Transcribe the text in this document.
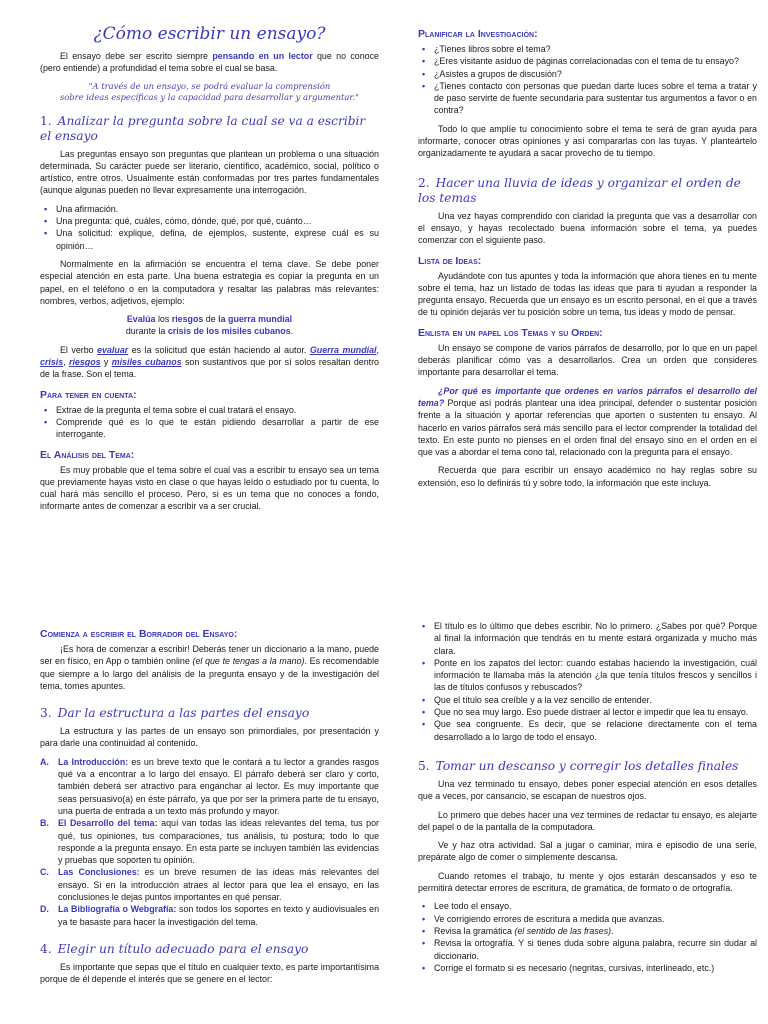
¿Cómo escribir un ensayo?

El ensayo debe ser escrito siempre pensando en un lector que no conoce (pero entiende) a profundidad el tema sobre el cual se basa.

"A través de un ensayo, se podrá evaluar la comprensión
sobre ideas específicas y la capacidad para desarrollar y argumentar."
1. Analizar la pregunta sobre la cual se va a escribir el ensayo

Las preguntas ensayo son preguntas que plantean un problema o una situación determinada. Su carácter puede ser literario, científico, académico, social, político o artístico, entre otros. Usualmente están conformadas por tres partes fundamentales (aunque algunas pueden no llevar expresamente una interrogación.

• Una afirmación.
• Una pregunta: qué, cuáles, cómo, dónde, qué, por qué, cuánto…
• Una solicitud: explique, defina, de ejemplos, sustente, exprese cuál es su opinión…

Normalmente en la afirmación se encuentra el tema clave. Se debe poner especial atención en esta parte. Una buena estrategia es copiar la pregunta en un papel, en el teléfono o en la computadora y resaltar las palabras más relevantes: nombres, verbos, adjetivos, ejemplo:

Evalúa los riesgos de la guerra mundial
durante la crisis de los misiles cubanos.

El verbo evaluar es la solicitud que están haciendo al autor. Guerra mundial, crisis, riesgos y misiles cubanos son sustantivos que por sí solos resaltan dentro de la frase. Son el tema.

Para tener en cuenta:
• Extrae de la pregunta el tema sobre el cual tratará el ensayo.
• Comprende qué es lo que te están pidiendo desarrollar a partir de ese interrogante.
El Análisis del Tema:

Es muy probable que el tema sobre el cual vas a escribir tu ensayo sea un tema que previamente hayas visto en clase o que hayas leído o estudiado por tu cuenta, lo cual hará más sencillo el proceso. Pero, si es un tema que no conoces a fondo, informarte antes de comenzar a escribir va a ser crucial.

Planificar la Investigación:
• ¿Tienes libros sobre el tema?
• ¿Eres visitante asiduo de páginas correlacionadas con el tema de tu ensayo?
• ¿Asistes a grupos de discusión?
• ¿Tienes contacto con personas que puedan darte luces sobre el tema a tratar y de paso servirte de fuente secundaria para sustentar tus argumentos a favor o en contra?

Todo lo que amplíe tu conocimiento sobre el tema te será de gran ayuda para informarte, conocer otras opiniones y así compararlas con las tuyas. Y planteártelo organizadamente te ayudará a sacar provecho de tu tiempo.

2. Hacer una lluvia de ideas y organizar el orden de los temas

Una vez hayas comprendido con claridad la pregunta que vas a desarrollar con el ensayo, y hayas recolectado buena información sobre el tema, ya puedes comenzar con el siguiente paso.

Lista de Ideas:

Ayudándote con tus apuntes y toda la información que ahora tienes en tu mente sobre el tema, haz un listado de todas las ideas que para ti ayudan a responder la pregunta ensayo. Recuerda que un ensayo es un escrito personal, en el que a través de tu opinión dejarás ver tu posición sobre un tema, tus ideas y modo de pensar.

Enlista en un papel los Temas y su Orden:

Un ensayo se compone de varios párrafos de desarrollo, por lo que en un papel deberás planificar cómo vas a desarrollarlos. Crea un orden que consideres importante para desarrollar el tema.

¿Por qué es importante que ordenes en varios párrafos el desarrollo del tema? Porque así podrás plantear una idea principal, defender o sustentar posición frente a la situación y aportar referencias que aporten o sustenten tu ensayo. Al hacerlo en varios párrafos será más sencillo para el lector comprender la totalidad del texto. En este punto no pienses en el orden final del ensayo sino en el orden en el que vas a abordar el tema cono tal, relacionado con la pregunta para el ensayo.

Recuerda que para escribir un ensayo académico no hay reglas sobre su extensión, eso lo definirás tú y sobre todo, la información que este incluya.

Comienza a escribir el Borrador del Ensayo:

¡Es hora de comenzar a escribir! Deberás tener un diccionario a la mano, puede ser en físico, en App o también online (el que te tengas a la mano). Es recomendable que siempre a lo largo del análisis de la pregunta ensayo y de la investigación del tema, tomes apuntes.

3. Dar la estructura a las partes del ensayo

La estructura y las partes de un ensayo son primordiales, por presentación y para darle una continuidad al contenido.

A. La Introducción: es un breve texto que le contará a tu lector a grandes rasgos qué va a encontrar a lo largo del ensayo. El párrafo deberá ser claro y corto, también deberá ser atractivo para enganchar al lector. Es muy importante que seas persuasivo(a) en éste párrafo, ya que por ser la primera parte de tu ensayo, una puerta de entrada a un texto más profundo y mayor.
B. El Desarrollo del tema: aquí van todas las ideas relevantes del tema, tus por qué, tus opiniones, tus comparaciones, tus análisis, tu postura; todo lo que responde a la pregunta ensayo. En esta parte se incluyen también las evidencias y pruebas que soporten tu opinión.
C. Las Conclusiones: es un breve resumen de las ideas más relevantes del ensayo. Si en la introducción atraes al lector para que lea el ensayo, en las conclusiones le dejas puntos importantes en qué pensar.
D. La Bibliografía o Webgrafía: son todos los soportes en texto y audiovisuales en ya te basaste para hacer la investigación del tema.
4. Elegir un título adecuado para el ensayo

Es importante que sepas que el título en cualquier texto, es parte importantísima porque de él depende el interés que se genere en el lector:

• El título es lo último que debes escribir. No lo primero. ¿Sabes por qué? Porque al final la información que tendrás en tu mente estará organizada y mucho más clara.
• Ponte en los zapatos del lector: cuando estabas haciendo la investigación, cuál información te llamaba más la atención ¿la que tenía títulos frescos y sencillos i las de títulos confusos y rebuscados?
• Que el título sea creíble y a la vez sencillo de entender.
• Que no sea muy largo. Eso puede distraer al lector e impedir que lea tu ensayo.
• Que sea congruente. Es decir, que se relacione directamente con el tema desarrollado a lo largo de todo el ensayo.
5. Tomar un descanso y corregir los detalles finales

Una vez terminado tu ensayo, debes poner especial atención en esos detalles que a veces, por cansancio, se escapan de nuestros ojos.

Lo primero que debes hacer una vez termines de redactar tu ensayo, es alejarte del papel o de la pantalla de la computadora.

Ve y haz otra actividad. Sal a jugar o caminar, mira e episodio de una serie, prepárate algo de comer o simplemente descansa.

Cuando retomes el trabajo, tu mente y ojos estarán descansados y eso te permitirá detectar errores de escritura, de gramática, de formato o de ortografía.

• Lee todo el ensayo.
• Ve corrigiendo errores de escritura a medida que avanzas.
• Revisa la gramática (el sentido de las frases).
• Revisa la ortografía. Y si tienes duda sobre alguna palabra, recurre sin dudar al diccionario.
• Corrige el formato si es necesario (negritas, cursivas, interlineado, etc.)
